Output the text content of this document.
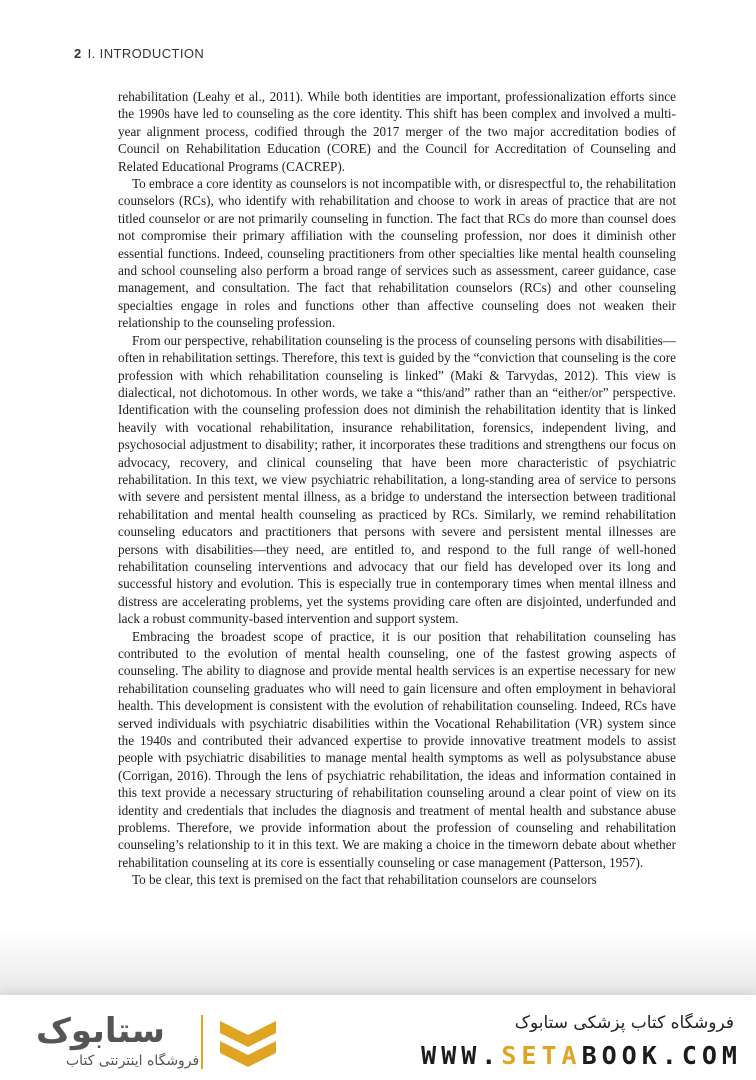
2 I. INTRODUCTION

rehabilitation (Leahy et al., 2011). While both identities are important, professionalization efforts since the 1990s have led to counseling as the core identity. This shift has been complex and involved a multi-year alignment process, codified through the 2017 merger of the two major accreditation bodies of Council on Rehabilitation Education (CORE) and the Council for Accreditation of Counseling and Related Educational Programs (CACREP).

To embrace a core identity as counselors is not incompatible with, or disrespectful to, the rehabilitation counselors (RCs), who identify with rehabilitation and choose to work in areas of practice that are not titled counselor or are not primarily counseling in function. The fact that RCs do more than counsel does not compromise their primary affiliation with the counseling profession, nor does it diminish other essential functions. Indeed, counseling practitioners from other specialties like mental health counseling and school counseling also perform a broad range of services such as assessment, career guidance, case management, and consultation. The fact that rehabilitation counselors (RCs) and other counseling specialties engage in roles and functions other than affective counseling does not weaken their relationship to the counseling profession.

From our perspective, rehabilitation counseling is the process of counseling persons with disabilities—often in rehabilitation settings. Therefore, this text is guided by the “conviction that counseling is the core profession with which rehabilitation counseling is linked” (Maki & Tarvydas, 2012). This view is dialectical, not dichotomous. In other words, we take a “this/and” rather than an “either/or” perspective. Identification with the counseling profession does not diminish the rehabilitation identity that is linked heavily with vocational rehabilitation, insurance rehabilitation, forensics, independent living, and psychosocial adjustment to disability; rather, it incorporates these traditions and strengthens our focus on advocacy, recovery, and clinical counseling that have been more characteristic of psychiatric rehabilitation. In this text, we view psychiatric rehabilitation, a long-standing area of service to persons with severe and persistent mental illness, as a bridge to understand the intersection between traditional rehabilitation and mental health counseling as practiced by RCs. Similarly, we remind rehabilitation counseling educators and practitioners that persons with severe and persistent mental illnesses are persons with disabilities—they need, are entitled to, and respond to the full range of well-honed rehabilitation counseling interventions and advocacy that our field has developed over its long and successful history and evolution. This is especially true in contemporary times when mental illness and distress are accelerating problems, yet the systems providing care often are disjointed, underfunded and lack a robust community-based intervention and support system.

Embracing the broadest scope of practice, it is our position that rehabilitation counseling has contributed to the evolution of mental health counseling, one of the fastest growing aspects of counseling. The ability to diagnose and provide mental health services is an expertise necessary for new rehabilitation counseling graduates who will need to gain licensure and often employment in behavioral health. This development is consistent with the evolution of rehabilitation counseling. Indeed, RCs have served individuals with psychiatric disabilities within the Vocational Rehabilitation (VR) system since the 1940s and contributed their advanced expertise to provide innovative treatment models to assist people with psychiatric disabilities to manage mental health symptoms as well as polysubstance abuse (Corrigan, 2016). Through the lens of psychiatric rehabilitation, the ideas and information contained in this text provide a necessary structuring of rehabilitation counseling around a clear point of view on its identity and credentials that includes the diagnosis and treatment of mental health and substance abuse problems. Therefore, we provide information about the profession of counseling and rehabilitation counseling’s relationship to it in this text. We are making a choice in the timeworn debate about whether rehabilitation counseling at its core is essentially counseling or case management (Patterson, 1957).

To be clear, this text is premised on the fact that rehabilitation counselors are counselors

ستابوک
فروشگاه اینترنتی کتاب
فروشگاه کتاب پزشکی ستابوک
WWW.SETABOOK.COM
